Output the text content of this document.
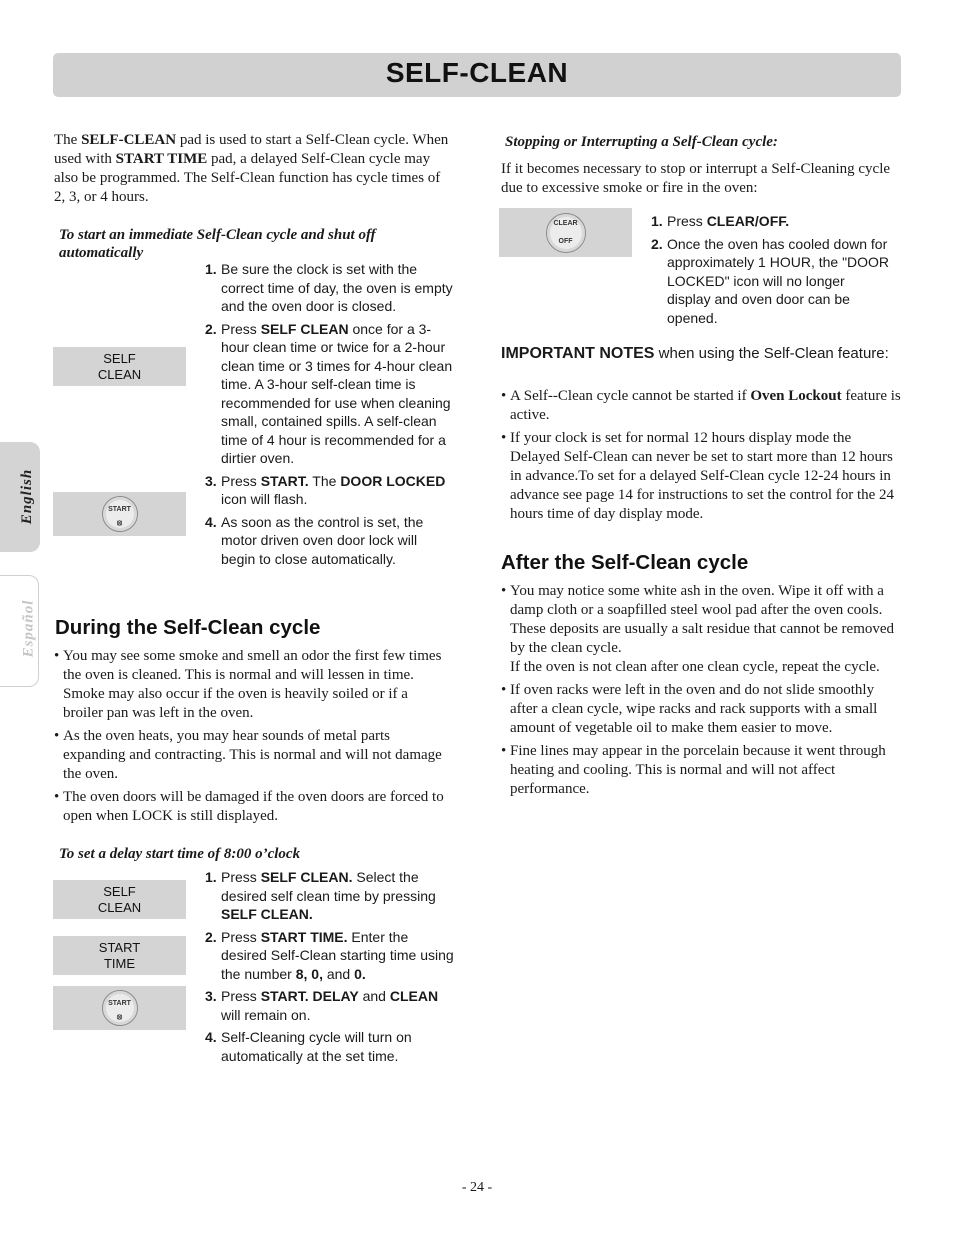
SELF-CLEAN
English
Español
The SELF-CLEAN pad is used to start a Self-Clean cycle. When used with START TIME pad, a delayed Self-Clean cycle may also be programmed. The Self-Clean function has cycle times of 2, 3, or 4 hours.
To start an immediate Self-Clean cycle and shut off automatically
SELF
CLEAN
START
⦻
1. Be sure the clock is set with the correct time of day, the oven is empty and the oven door is closed.
2. Press SELF CLEAN once for a 3-hour clean time or twice for a 2-hour clean time or 3 times for 4-hour clean time. A 3-hour self-clean time is recommended for use when cleaning small, contained spills. A self-clean time of 4 hour is recommended for a dirtier oven.
3. Press START. The DOOR LOCKED icon will flash.
4. As soon as the control is set, the motor driven oven door lock will begin to close automatically.
During the Self-Clean cycle
• You may see some smoke and smell an odor the first few times the oven is cleaned. This is normal and will lessen in time. Smoke may also occur if the oven is heavily soiled or if a broiler pan was left in the oven.
• As the oven heats, you may hear sounds of metal parts expanding and contracting. This is normal and will not damage the oven.
• The oven doors will be damaged if the oven doors are forced to open when LOCK is still displayed.
To set a delay start time of 8:00 o’clock
SELF
CLEAN
START
TIME
START
⦻
1. Press SELF CLEAN. Select the desired self clean time by pressing SELF CLEAN.
2. Press START TIME. Enter the desired Self-Clean starting time using the number 8, 0, and 0.
3. Press START. DELAY and CLEAN will remain on.
4. Self-Cleaning cycle will turn on automatically at the set time.
Stopping or Interrupting a Self-Clean cycle:
If it becomes necessary to stop or interrupt a Self-Cleaning cycle due to excessive smoke or fire in the oven:
CLEAR
OFF
1. Press CLEAR/OFF.
2. Once the oven has cooled down for approximately 1 HOUR, the "DOOR LOCKED" icon will no longer display and oven door can be opened.
IMPORTANT NOTES when using the Self-Clean feature:
• A Self--Clean cycle cannot be started if Oven Lockout feature is active.
• If your clock is set for normal 12 hours display mode the Delayed Self-Clean can never be set to start more than 12 hours in advance.To set for a delayed Self-Clean cycle 12-24 hours in advance see page 14 for instructions to set the control for the 24 hours time of day display mode.
After the Self-Clean cycle
• You may notice some white ash in the oven. Wipe it off with a damp cloth or a soapfilled steel wool pad after the oven cools.
These deposits are usually a salt residue that cannot be removed by the clean cycle.
If the oven is not clean after one clean cycle, repeat the cycle.
• If oven racks were left in the oven and do not slide smoothly after a clean cycle, wipe racks and rack supports with a small amount of vegetable oil to make them easier to move.
• Fine lines may appear in the porcelain because it went through heating and cooling. This is normal and will not affect performance.
- 24 -
